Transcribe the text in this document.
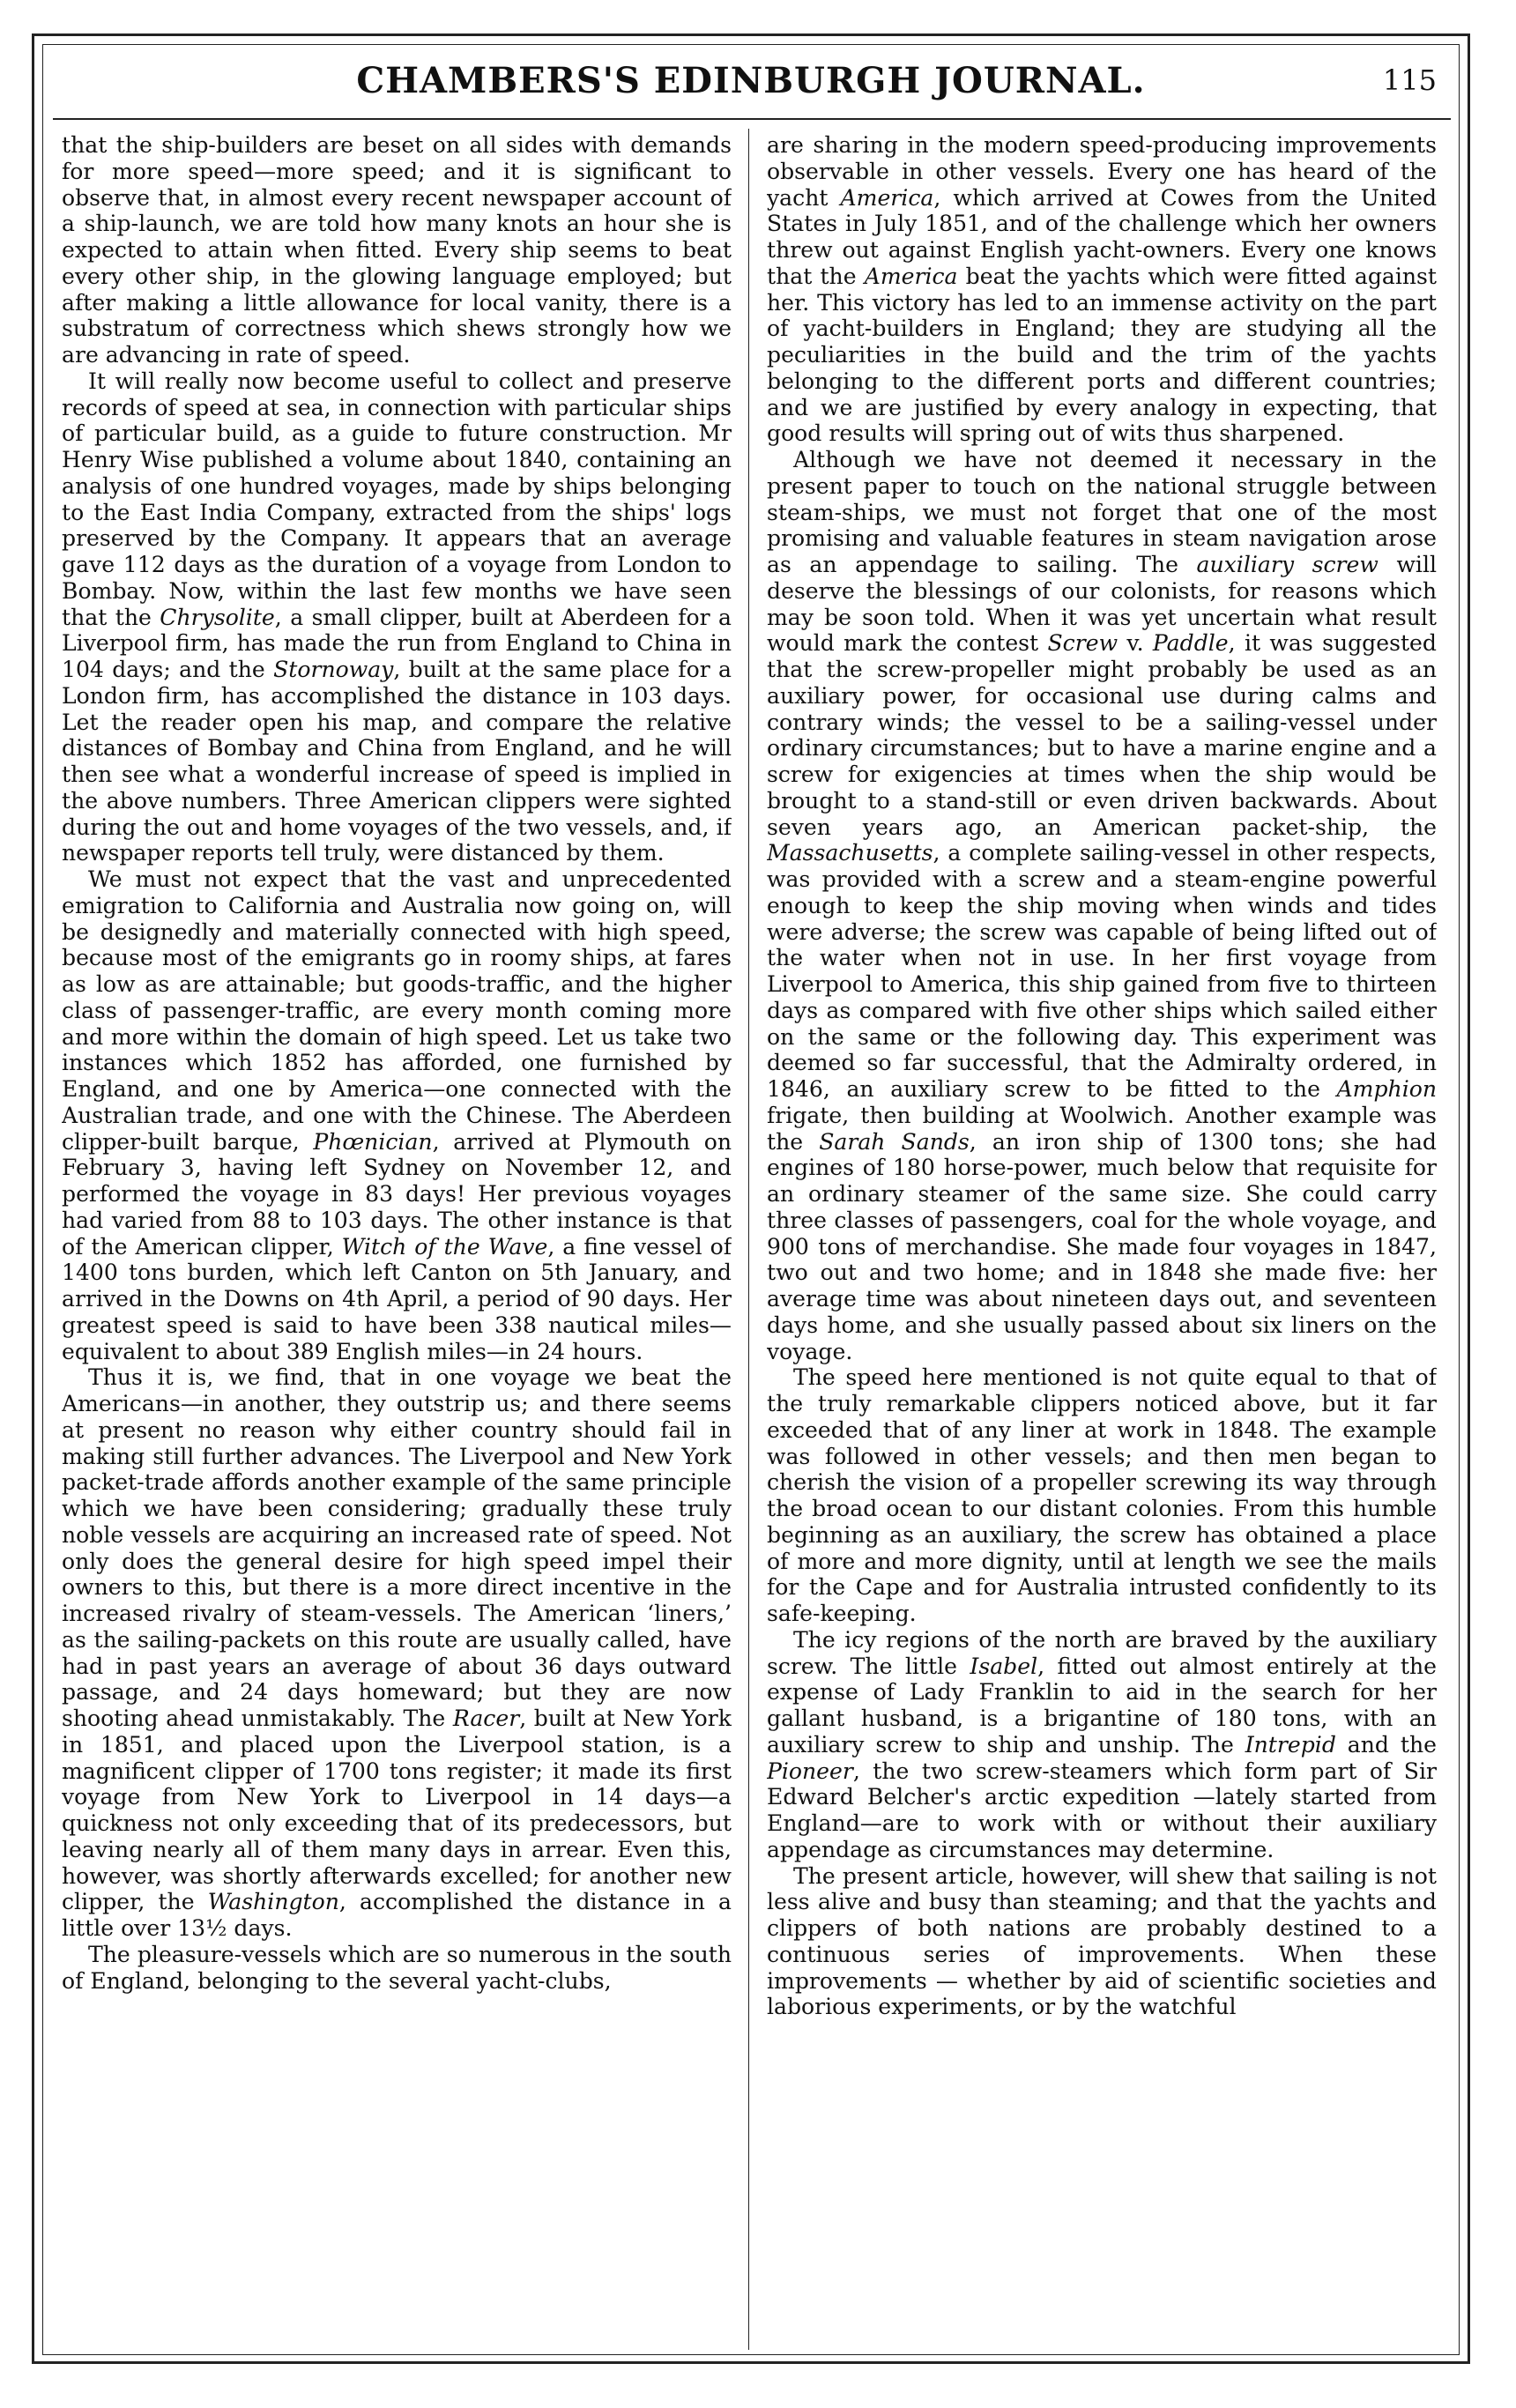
CHAMBERS'S EDINBURGH JOURNAL.	115

that the ship-builders are beset on all sides with demands for more speed—more speed; and it is significant to observe that, in almost every recent newspaper account of a ship-launch, we are told how many knots an hour she is expected to attain when fitted. Every ship seems to beat every other ship, in the glowing language employed; but after making a little allowance for local vanity, there is a substratum of correctness which shews strongly how we are advancing in rate of speed.

It will really now become useful to collect and preserve records of speed at sea, in connection with particular ships of particular build, as a guide to future construction. Mr Henry Wise published a volume about 1840, containing an analysis of one hundred voyages, made by ships belonging to the East India Company, extracted from the ships' logs preserved by the Company. It appears that an average gave 112 days as the duration of a voyage from London to Bombay. Now, within the last few months we have seen that the Chrysolite, a small clipper, built at Aberdeen for a Liverpool firm, has made the run from England to China in 104 days; and the Stornoway, built at the same place for a London firm, has accomplished the distance in 103 days. Let the reader open his map, and compare the relative distances of Bombay and China from England, and he will then see what a wonderful increase of speed is implied in the above numbers. Three American clippers were sighted during the out and home voyages of the two vessels, and, if newspaper reports tell truly, were distanced by them.

We must not expect that the vast and unprecedented emigration to California and Australia now going on, will be designedly and materially connected with high speed, because most of the emigrants go in roomy ships, at fares as low as are attainable; but goods-traffic, and the higher class of passenger-traffic, are every month coming more and more within the domain of high speed. Let us take two instances which 1852 has afforded, one furnished by England, and one by America—one connected with the Australian trade, and one with the Chinese. The Aberdeen clipper-built barque, Phœnician, arrived at Plymouth on February 3, having left Sydney on November 12, and performed the voyage in 83 days! Her previous voyages had varied from 88 to 103 days. The other instance is that of the American clipper, Witch of the Wave, a fine vessel of 1400 tons burden, which left Canton on 5th January, and arrived in the Downs on 4th April, a period of 90 days. Her greatest speed is said to have been 338 nautical miles—equivalent to about 389 English miles—in 24 hours.

Thus it is, we find, that in one voyage we beat the Americans—in another, they outstrip us; and there seems at present no reason why either country should fail in making still further advances. The Liverpool and New York packet-trade affords another example of the same principle which we have been considering; gradually these truly noble vessels are acquiring an increased rate of speed. Not only does the general desire for high speed impel their owners to this, but there is a more direct incentive in the increased rivalry of steam-vessels. The American ‘liners,’ as the sailing-packets on this route are usually called, have had in past years an average of about 36 days outward passage, and 24 days homeward; but they are now shooting ahead unmistakably. The Racer, built at New York in 1851, and placed upon the Liverpool station, is a magnificent clipper of 1700 tons register; it made its first voyage from New York to Liverpool in 14 days—a quickness not only exceeding that of its predecessors, but leaving nearly all of them many days in arrear. Even this, however, was shortly afterwards excelled; for another new clipper, the Washington, accomplished the distance in a little over 13½ days.

The pleasure-vessels which are so numerous in the south of England, belonging to the several yacht-clubs,

are sharing in the modern speed-producing improvements observable in other vessels. Every one has heard of the yacht America, which arrived at Cowes from the United States in July 1851, and of the challenge which her owners threw out against English yacht-owners. Every one knows that the America beat the yachts which were fitted against her. This victory has led to an immense activity on the part of yacht-builders in England; they are studying all the peculiarities in the build and the trim of the yachts belonging to the different ports and different countries; and we are justified by every analogy in expecting, that good results will spring out of wits thus sharpened.

Although we have not deemed it necessary in the present paper to touch on the national struggle between steam-ships, we must not forget that one of the most promising and valuable features in steam navigation arose as an appendage to sailing. The auxiliary screw will deserve the blessings of our colonists, for reasons which may be soon told. When it was yet uncertain what result would mark the contest Screw v. Paddle, it was suggested that the screw-propeller might probably be used as an auxiliary power, for occasional use during calms and contrary winds; the vessel to be a sailing-vessel under ordinary circumstances; but to have a marine engine and a screw for exigencies at times when the ship would be brought to a stand-still or even driven backwards. About seven years ago, an American packet-ship, the Massachusetts, a complete sailing-vessel in other respects, was provided with a screw and a steam-engine powerful enough to keep the ship moving when winds and tides were adverse; the screw was capable of being lifted out of the water when not in use. In her first voyage from Liverpool to America, this ship gained from five to thirteen days as compared with five other ships which sailed either on the same or the following day. This experiment was deemed so far successful, that the Admiralty ordered, in 1846, an auxiliary screw to be fitted to the Amphion frigate, then building at Woolwich. Another example was the Sarah Sands, an iron ship of 1300 tons; she had engines of 180 horse-power, much below that requisite for an ordinary steamer of the same size. She could carry three classes of passengers, coal for the whole voyage, and 900 tons of merchandise. She made four voyages in 1847, two out and two home; and in 1848 she made five: her average time was about nineteen days out, and seventeen days home, and she usually passed about six liners on the voyage.

The speed here mentioned is not quite equal to that of the truly remarkable clippers noticed above, but it far exceeded that of any liner at work in 1848. The example was followed in other vessels; and then men began to cherish the vision of a propeller screwing its way through the broad ocean to our distant colonies. From this humble beginning as an auxiliary, the screw has obtained a place of more and more dignity, until at length we see the mails for the Cape and for Australia intrusted confidently to its safe-keeping.

The icy regions of the north are braved by the auxiliary screw. The little Isabel, fitted out almost entirely at the expense of Lady Franklin to aid in the search for her gallant husband, is a brigantine of 180 tons, with an auxiliary screw to ship and unship. The Intrepid and the Pioneer, the two screw-steamers which form part of Sir Edward Belcher's arctic expedition —lately started from England—are to work with or without their auxiliary appendage as circumstances may determine.

The present article, however, will shew that sailing is not less alive and busy than steaming; and that the yachts and clippers of both nations are probably destined to a continuous series of improvements. When these improvements — whether by aid of scientific societies and laborious experiments, or by the watchful
